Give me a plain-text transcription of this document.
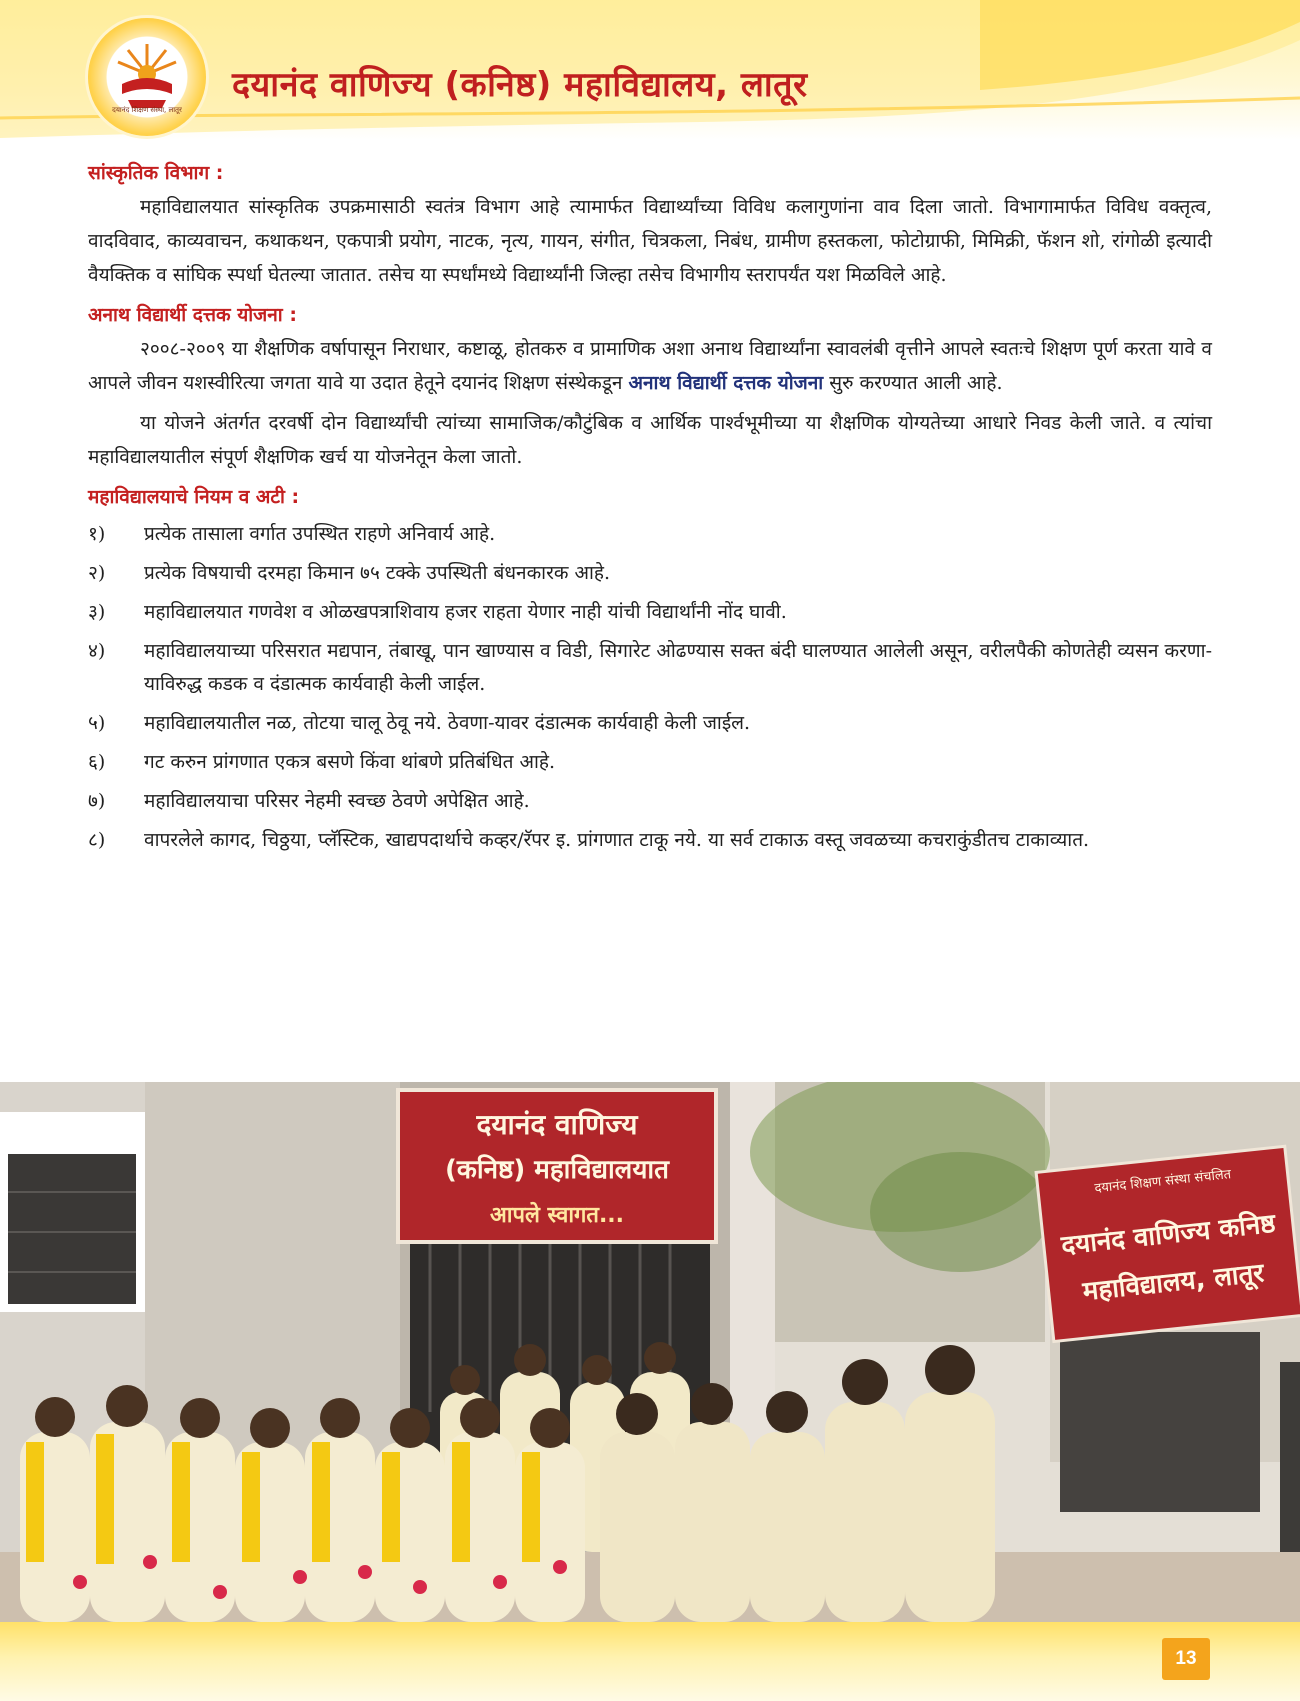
दयानंद शिक्षण संस्था, लातूर
दयानंद वाणिज्य (कनिष्ठ) महाविद्यालय, लातूर
सांस्कृतिक विभाग :

महाविद्यालयात सांस्कृतिक उपक्रमासाठी स्वतंत्र विभाग आहे त्यामार्फत विद्यार्थ्यांच्या विविध कलागुणांना वाव दिला जातो. विभागामार्फत विविध वक्तृत्व, वादविवाद, काव्यवाचन, कथाकथन, एकपात्री प्रयोग, नाटक, नृत्य, गायन, संगीत, चित्रकला, निबंध, ग्रामीण हस्तकला, फोटोग्राफी, मिमिक्री, फॅशन शो, रांगोळी इत्यादी वैयक्तिक व सांघिक स्पर्धा घेतल्या जातात. तसेच या स्पर्धांमध्ये विद्यार्थ्यांनी जिल्हा तसेच विभागीय स्तरापर्यंत यश मिळविले आहे.

अनाथ विद्यार्थी दत्तक योजना :

२००८-२००९ या शैक्षणिक वर्षापासून निराधार, कष्टाळू, होतकरु व प्रामाणिक अशा अनाथ विद्यार्थ्यांना स्वावलंबी वृत्तीने आपले स्वतःचे शिक्षण पूर्ण करता यावे व आपले जीवन यशस्वीरित्या जगता यावे या उदात हेतूने दयानंद शिक्षण संस्थेकडून अनाथ विद्यार्थी दत्तक योजना सुरु करण्यात आली आहे.

या योजने अंतर्गत दरवर्षी दोन विद्यार्थ्यांची त्यांच्या सामाजिक/कौटुंबिक व आर्थिक पार्श्वभूमीच्या या शैक्षणिक योग्यतेच्या आधारे निवड केली जाते. व त्यांचा महाविद्यालयातील संपूर्ण शैक्षणिक खर्च या योजनेतून केला जातो.

महाविद्यालयाचे नियम व अटी :
१)	प्रत्येक तासाला वर्गात उपस्थित राहणे अनिवार्य आहे.
२)	प्रत्येक विषयाची दरमहा किमान ७५ टक्के उपस्थिती बंधनकारक आहे.
३)	महाविद्यालयात गणवेश व ओळखपत्राशिवाय हजर राहता येणार नाही यांची विद्यार्थांनी नोंद घावी.
४)	महाविद्यालयाच्या परिसरात मद्यपान, तंबाखू, पान खाण्यास व विडी, सिगारेट ओढण्यास सक्त बंदी घालण्यात आलेली असून, वरीलपैकी कोणतेही व्यसन करणा-याविरुद्ध कडक व दंडात्मक कार्यवाही केली जाईल.
५)	महाविद्यालयातील नळ, तोटया चालू ठेवू नये. ठेवणा-यावर दंडात्मक कार्यवाही केली जाईल.
६)	गट करुन प्रांगणात एकत्र बसणे किंवा थांबणे प्रतिबंधित आहे.
७)	महाविद्यालयाचा परिसर नेहमी स्वच्छ ठेवणे अपेक्षित आहे.
८)	वापरलेले कागद, चिठ्ठया, प्लॅस्टिक, खाद्यपदार्थाचे कव्हर/रॅपर इ. प्रांगणात टाकू नये. या सर्व टाकाऊ वस्तू जवळच्या कचराकुंडीतच टाकाव्यात.
दयानंद वाणिज्य
(कनिष्ठ) महाविद्यालयात
आपले स्वागत...
दयानंद शिक्षण संस्था संचलित
दयानंद वाणिज्य कनिष्ठ
महाविद्यालय, लातूर
13
